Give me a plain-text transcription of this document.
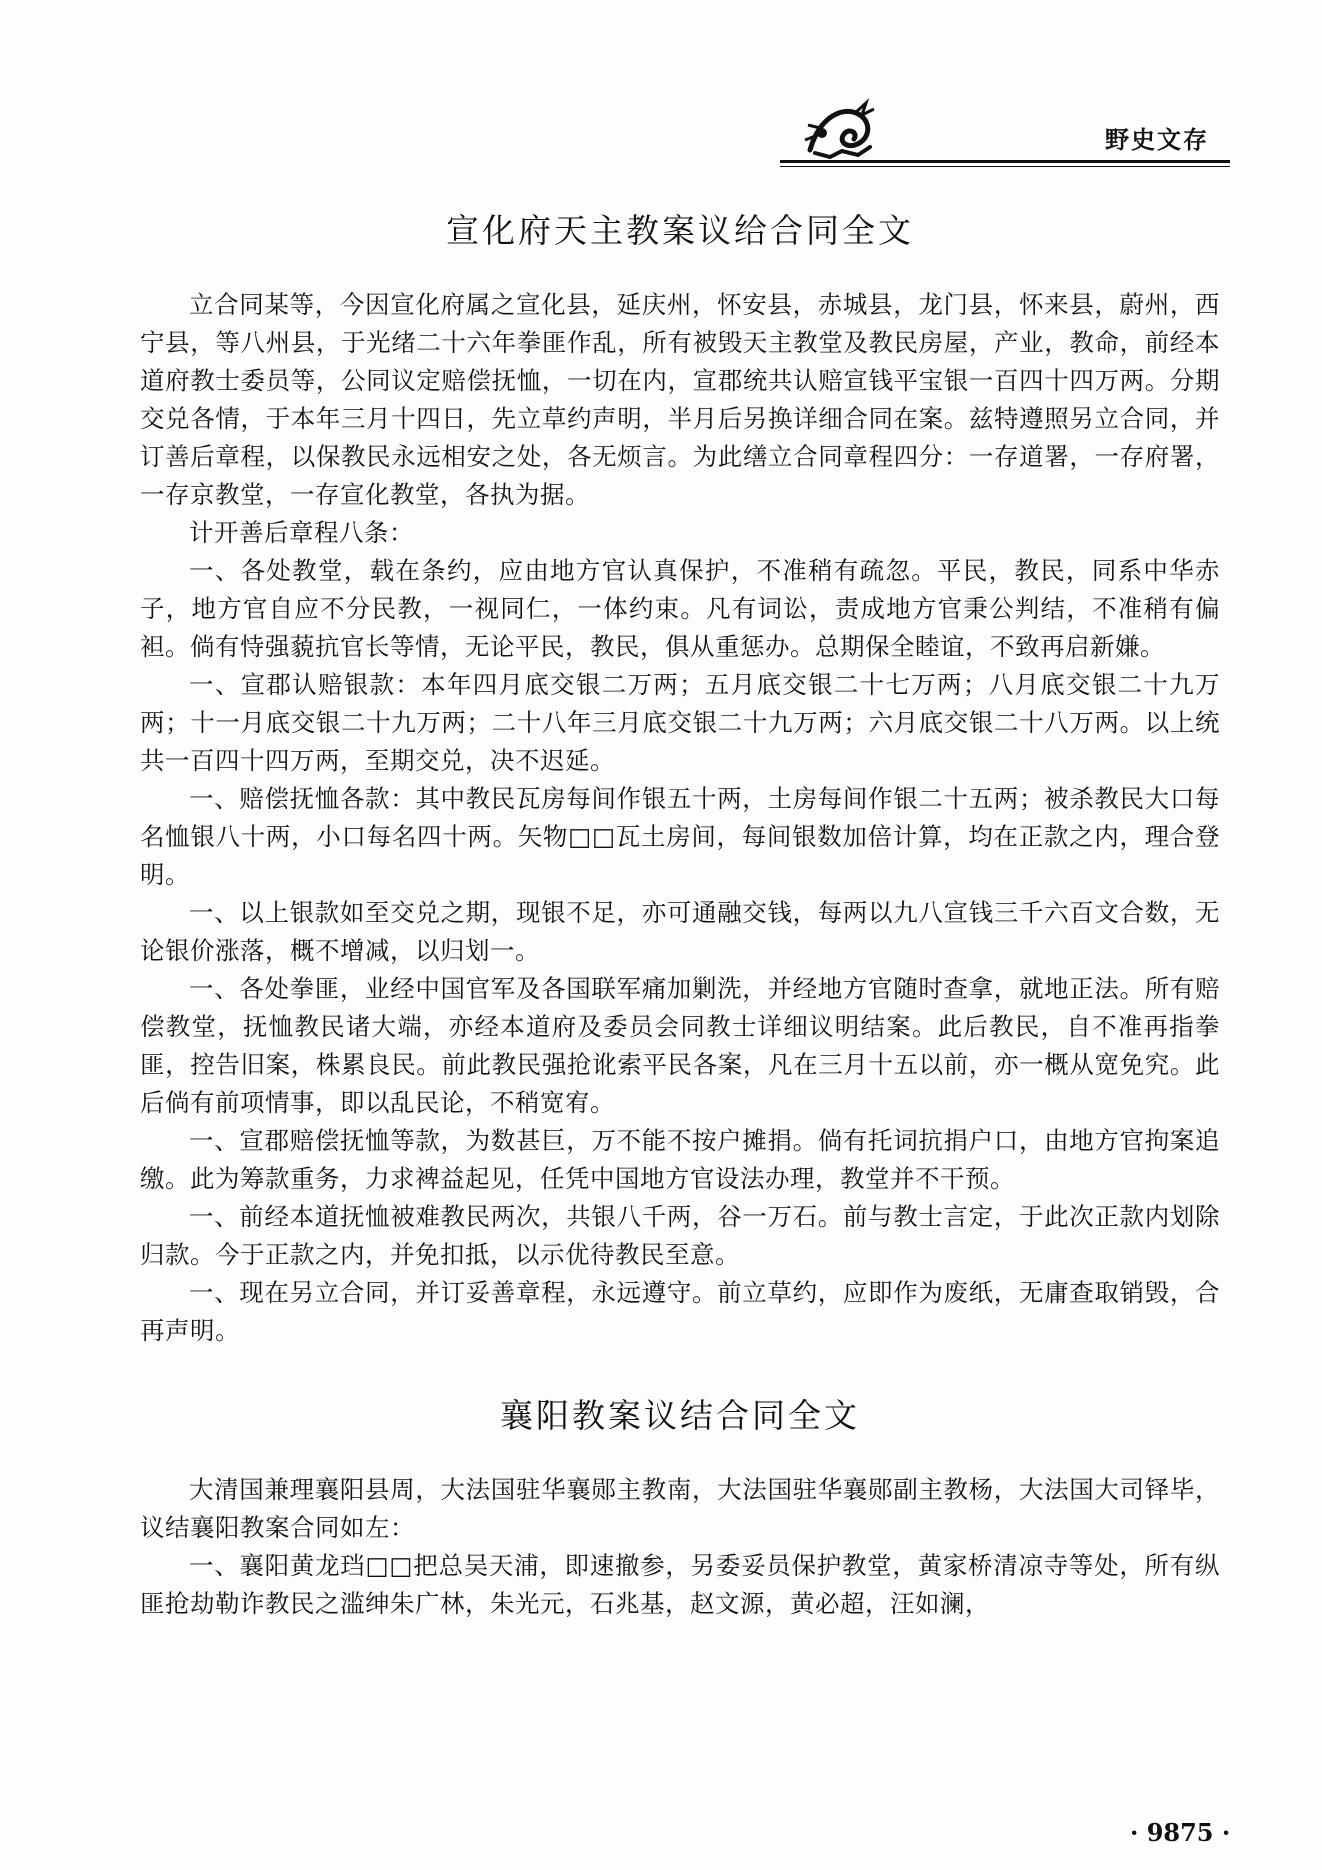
野史文存
宣化府天主教案议给合同全文

立合同某等，今因宣化府属之宣化县，延庆州，怀安县，赤城县，龙门县，怀来县，蔚州，西宁县，等八州县，于光绪二十六年拳匪作乱，所有被毁天主教堂及教民房屋，产业，教命，前经本道府教士委员等，公同议定赔偿抚恤，一切在内，宣郡统共认赔宣钱平宝银一百四十四万两。分期交兑各情，于本年三月十四日，先立草约声明，半月后另换详细合同在案。兹特遵照另立合同，并订善后章程，以保教民永远相安之处，各无烦言。为此缮立合同章程四分：一存道署，一存府署，一存京教堂，一存宣化教堂，各执为据。

计开善后章程八条：

一、各处教堂，载在条约，应由地方官认真保护，不准稍有疏忽。平民，教民，同系中华赤子，地方官自应不分民教，一视同仁，一体约束。凡有词讼，责成地方官秉公判结，不准稍有偏袒。倘有恃强藐抗官长等情，无论平民，教民，俱从重惩办。总期保全睦谊，不致再启新嫌。

一、宣郡认赔银款：本年四月底交银二万两；五月底交银二十七万两；八月底交银二十九万两；十一月底交银二十九万两；二十八年三月底交银二十九万两；六月底交银二十八万两。以上统共一百四十四万两，至期交兑，决不迟延。

一、赔偿抚恤各款：其中教民瓦房每间作银五十两，土房每间作银二十五两；被杀教民大口每名恤银八十两，小口每名四十两。矢物□□瓦土房间，每间银数加倍计算，均在正款之内，理合登明。

一、以上银款如至交兑之期，现银不足，亦可通融交钱，每两以九八宣钱三千六百文合数，无论银价涨落，概不增减，以归划一。

一、各处拳匪，业经中国官军及各国联军痛加剿洗，并经地方官随时查拿，就地正法。所有赔偿教堂，抚恤教民诸大端，亦经本道府及委员会同教士详细议明结案。此后教民，自不准再指拳匪，控告旧案，株累良民。前此教民强抢讹索平民各案，凡在三月十五以前，亦一概从宽免究。此后倘有前项情事，即以乱民论，不稍宽宥。

一、宣郡赔偿抚恤等款，为数甚巨，万不能不按户摊捐。倘有托词抗捐户口，由地方官拘案追缴。此为筹款重务，力求裨益起见，任凭中国地方官设法办理，教堂并不干预。

一、前经本道抚恤被难教民两次，共银八千两，谷一万石。前与教士言定，于此次正款内划除归款。今于正款之内，并免扣抵，以示优待教民至意。

一、现在另立合同，并订妥善章程，永远遵守。前立草约，应即作为废纸，无庸查取销毁，合再声明。

襄阳教案议结合同全文

大清国兼理襄阳县周，大法国驻华襄郧主教南，大法国驻华襄郧副主教杨，大法国大司铎毕，议结襄阳教案合同如左：

一、襄阳黄龙珰□□把总吴天浦，即速撤参，另委妥员保护教堂，黄家桥清凉寺等处，所有纵匪抢劫勒诈教民之滥绅朱广林，朱光元，石兆基，赵文源，黄必超，汪如澜，

· 9875 ·
